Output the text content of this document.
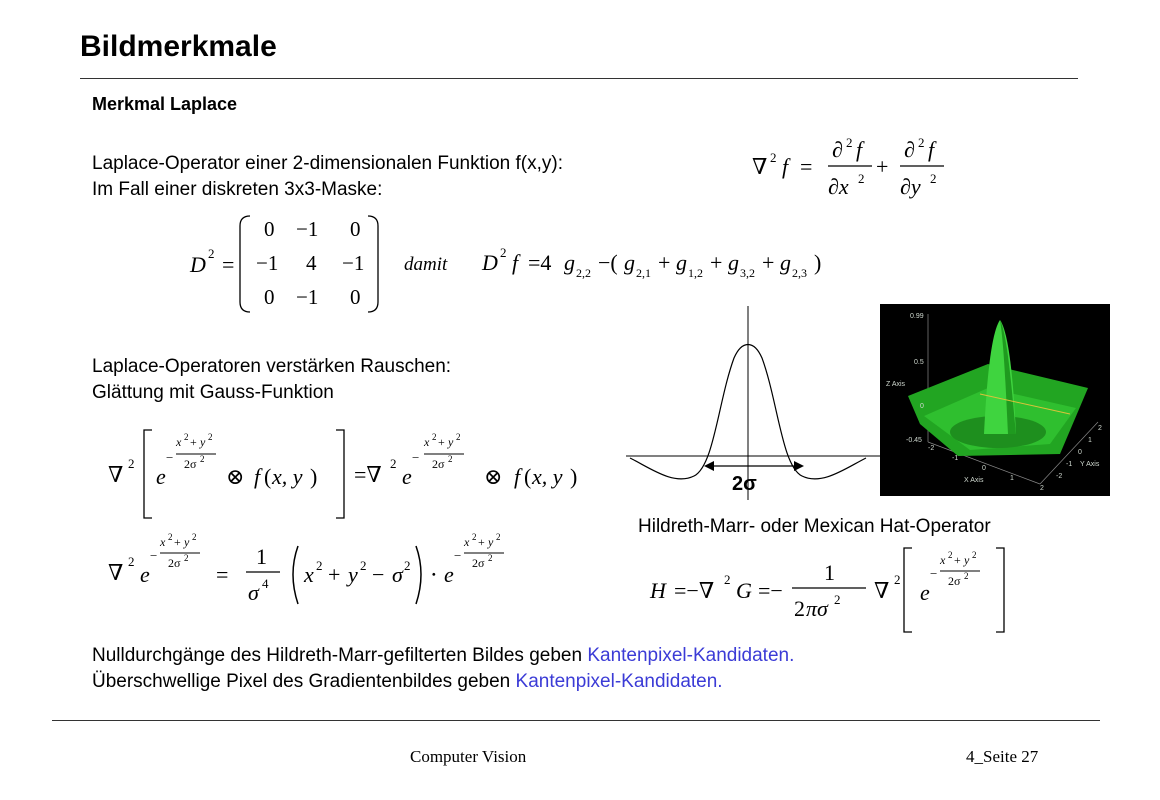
Bildmerkmale
Merkmal Laplace
Laplace-Operator einer 2-dimensionalen Funktion f(x,y):
Im Fall einer diskreten 3x3-Maske:
∇ 2 f =
∂ 2 f
∂x 2 +
∂ 2 f
∂y 2
D 2 =
0 −1 0
−1 4 −1
0 −1 0
damit D 2 f =4 g 2,2 −( g 2,1 + g 1,2 + g 3,2 + g 2,3 )
Laplace-Operatoren verstärken Rauschen:
Glättung mit Gauss-Funktion
∇ 2
e
−
x 2 + y 2
2σ 2
⊗ f ( x, y ) =∇ 2
e
−
x 2 + y 2
2σ 2
⊗ f ( x, y )
∇ 2
e
−
x 2 + y 2
2σ 2
=
1
σ 4 x 2 + y 2 − σ 2 ⋅ e
−
x 2 + y 2
2σ 2
2σ
0.99
0.5
0
-0.45
Z Axis
-2
-1
0
1
2
X Axis
2
1
0
-1
-2
Y Axis
Hildreth-Marr- oder Mexican Hat-Operator
H =−∇ 2 G =−
1
2 πσ 2 ∇ 2
e
−
x 2 + y 2
2σ 2
Nulldurchgänge des Hildreth-Marr-gefilterten Bildes geben Kantenpixel-Kandidaten.
Überschwellige Pixel des Gradientenbildes geben Kantenpixel-Kandidaten.
Computer Vision	4_Seite 27
